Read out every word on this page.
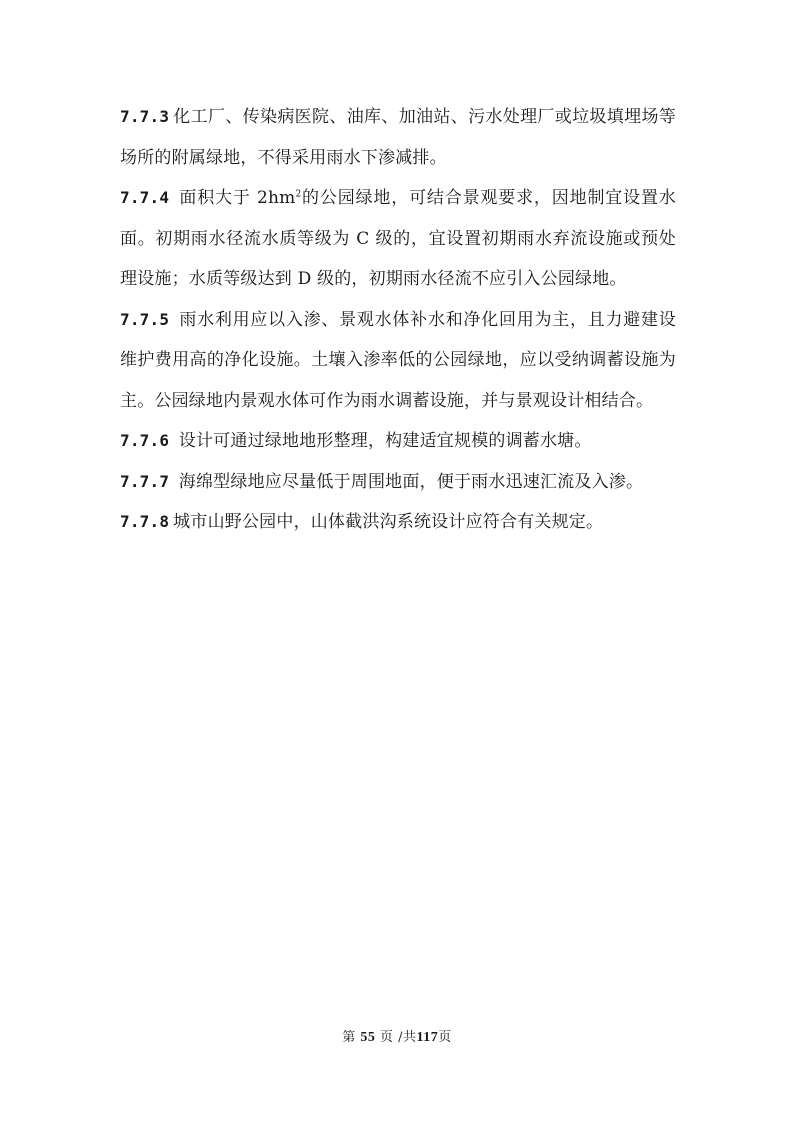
7.7.3 化工厂、传染病医院、油库、加油站、污水处理厂或垃圾填埋场等场所的附属绿地，不得采用雨水下渗减排。

7.7.4 面积大于 $2hm^2$的公园绿地，可结合景观要求，因地制宜设置水面。初期雨水径流水质等级为 C 级的，宜设置初期雨水弃流设施或预处理设施；水质等级达到 D 级的，初期雨水径流不应引入公园绿地。

7.7.5 雨水利用应以入渗、景观水体补水和净化回用为主，且力避建设维护费用高的净化设施。土壤入渗率低的公园绿地，应以受纳调蓄设施为主。公园绿地内景观水体可作为雨水调蓄设施，并与景观设计相结合。

7.7.6 设计可通过绿地地形整理，构建适宜规模的调蓄水塘。

7.7.7 海绵型绿地应尽量低于周围地面，便于雨水迅速汇流及入渗。

7.7.8 城市山野公园中，山体截洪沟系统设计应符合有关规定。

第 55 页 /共117页
